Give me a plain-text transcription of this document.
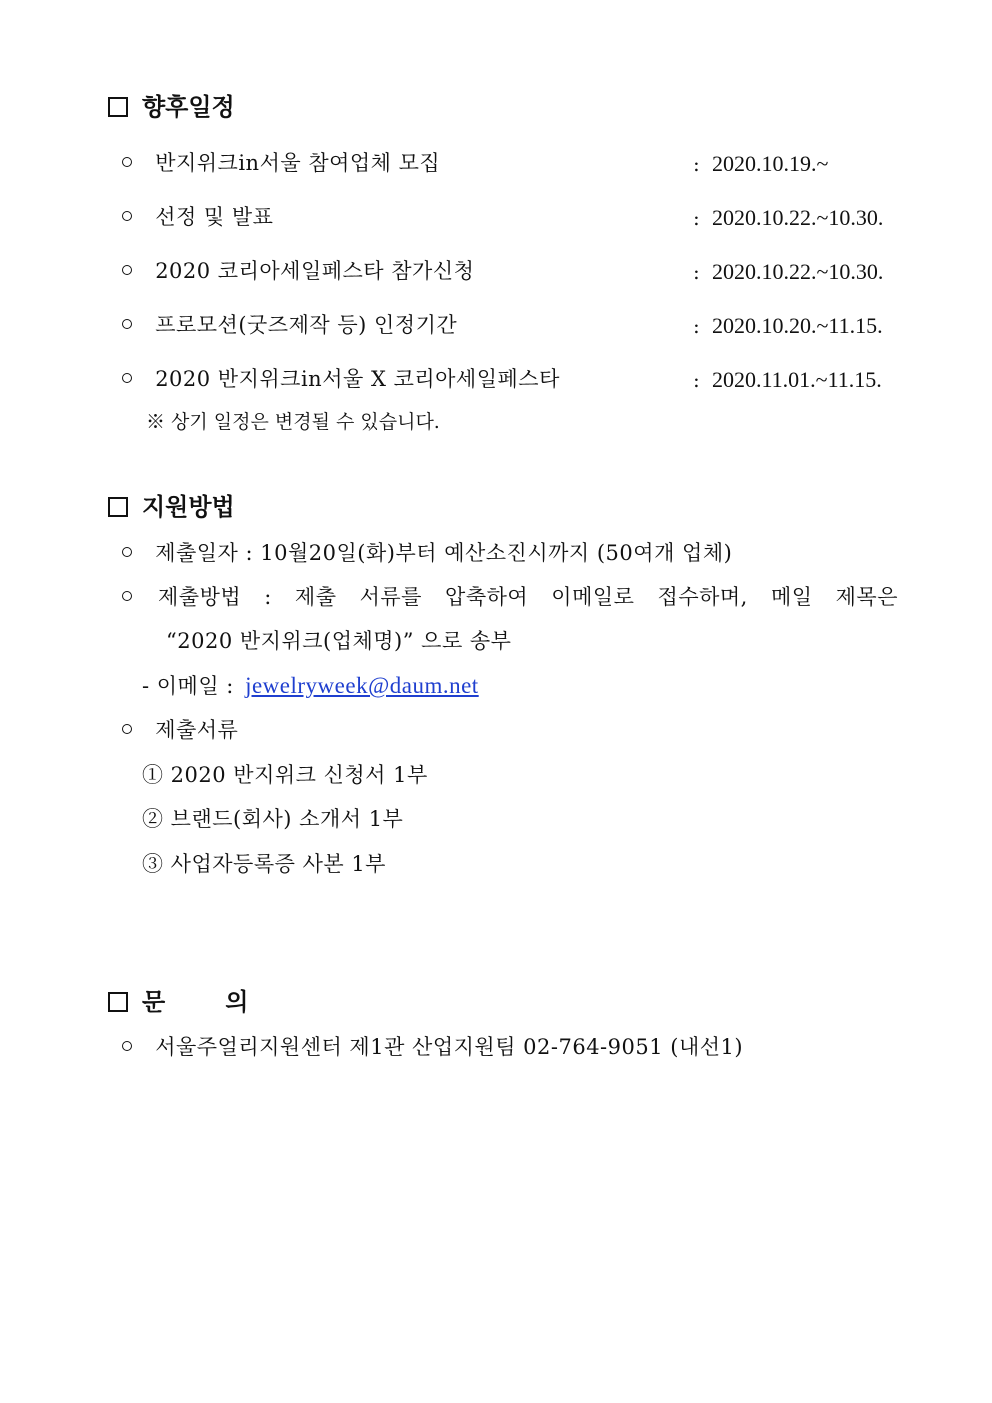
향후일정
반지위크in서울 참여업체 모집	: 2020.10.19.~
선정 및 발표	: 2020.10.22.~10.30.
2020 코리아세일페스타 참가신청	: 2020.10.22.~10.30.
프로모션(굿즈제작 등) 인정기간	: 2020.10.20.~11.15.
2020 반지위크in서울 X 코리아세일페스타	: 2020.11.01.~11.15.
※ 상기 일정은 변경될 수 있습니다.
지원방법
제출일자 : 10월20일(화)부터 예산소진시까지 (50여개 업체)
제출방법 : 제출 서류를 압축하여 이메일로 접수하며, 메일 제목은
“2020 반지위크(업체명)” 으로 송부
- 이메일 : jewelryweek@daum.net
제출서류
① 2020 반지위크 신청서 1부
② 브랜드(회사) 소개서 1부
③ 사업자등록증 사본 1부
문	의
서울주얼리지원센터 제1관 산업지원팀 02-764-9051 (내선1)
